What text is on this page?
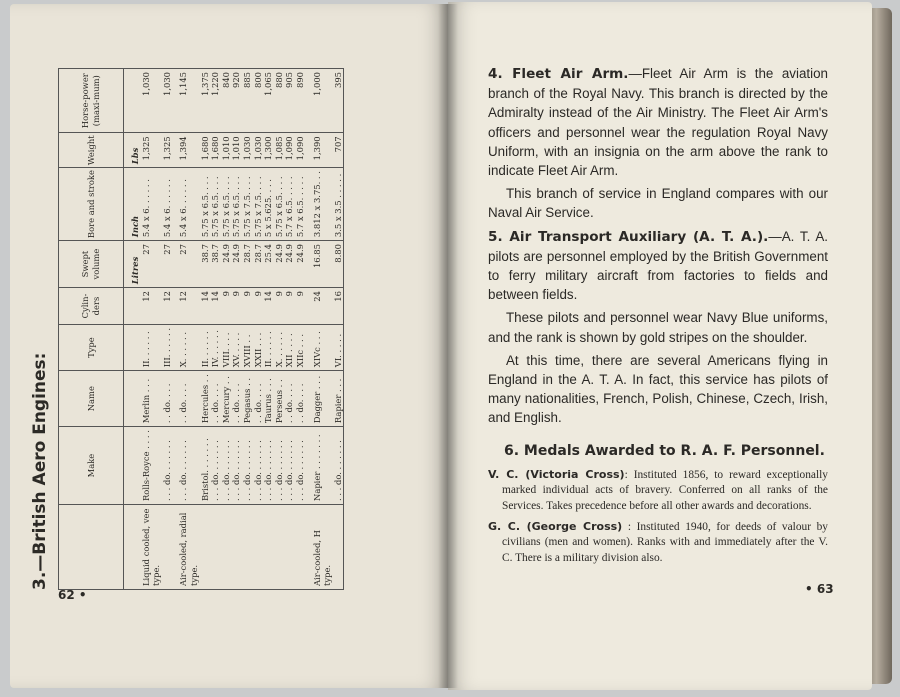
3.—British Aero Engines:
		Make	Name	Type	Cylin-ders	Swept volume	Bore and stroke	Weight	Horse-power (maxi-mum)
					Litres	Inch	Lbs	
Liquid cooled, vee type.	Rolls-Royce . . . .	Merlin . . .	II. . . . . .	12	27	5.4 x 6. . . . . .	1,325	1,030
	. . . do. . . . . . .	. . do. . . .	III. . . . . .	12	27	5.4 x 6. . . . . .	1,325	1,030
Air-cooled, radial type.	. . . do. . . . . . .	. . do. . . .	X. . . . . .	12	27	5.4 x 6. . . . . .	1,394	1,145
	Bristol. . . . . . .	Hercules . .	II. . . . . .	14	38.7	5.75 x 6.5. . . .	1,680	1,375
	. . . do. . . . . . .	. . do. . . .	IV. . . . . .	14	38.7	5.75 x 6.5. . . .	1,680	1,220
	. . . do. . . . . . .	Mercury . .	VIII. . . .	9	24.9	5.75 x 6.5. . . .	1,010	840
	. . . do. . . . . . .	. . do. . . .	XV. . . . .	9	24.9	5.75 x 6.5. . . .	1,010	920
	. . . do. . . . . . .	Pegasus . .	XVIII . .	9	28.7	5.75 x 7.5. . . .	1,030	885
	. . . do. . . . . . .	. . do. . . .	XXII . . .	9	28.7	5.75 x 7.5. . . .	1,030	800
	. . . do. . . . . . .	Taurus . . .	II. . . . . .	14	25.4	5 x 5.625. . . .	1,300	1,065
	. . . do. . . . . . .	Perseus . .	X. . . . . .	9	24.9	5.75 x 6.5. . . .	1,085	880
	. . . do. . . . . . .	. . do. . . .	XII . . . .	9	24.9	5.7 x 6.5. . . . .	1,090	905
	. . . do. . . . . . .	. . do. . . .	XIIc . . .	9	24.9	5.7 x 6.5. . . . .	1,090	890
Air-cooled, H type.	Napier . . . . . . .	Dagger . . .	XIVc . . .	24	16.85	3.812 x 3.75. . .	1,390	1,000
	. . . do. . . . . . .	Rapier . . .	VI. . . . .	16	8.80	3.5 x 3.5 . . . . .	707	395
62 •

4. Fleet Air Arm.—Fleet Air Arm is the aviation branch of the Royal Navy. This branch is directed by the Admiralty instead of the Air Ministry. The Fleet Air Arm's officers and personnel wear the regulation Royal Navy Uniform, with an insignia on the arm above the rank to indicate Fleet Air Arm.

This branch of service in England compares with our Naval Air Service.

5. Air Transport Auxiliary (A. T. A.).—A. T. A. pilots are personnel employed by the British Government to ferry military aircraft from factories to fields and between fields.

These pilots and personnel wear Navy Blue uniforms, and the rank is shown by gold stripes on the shoulder.

At this time, there are several Americans flying in England in the A. T. A. In fact, this service has pilots of many nationalities, French, Polish, Chinese, Czech, Irish, and English.

6. Medals Awarded to R. A. F. Personnel.

V. C. (Victoria Cross): Instituted 1856, to reward exceptionally marked individual acts of bravery. Conferred on all ranks of the Services. Takes precedence before all other awards and decorations.

G. C. (George Cross) : Instituted 1940, for deeds of valour by civilians (men and women). Ranks with and immediately after the V. C. There is a military division also.

• 63
